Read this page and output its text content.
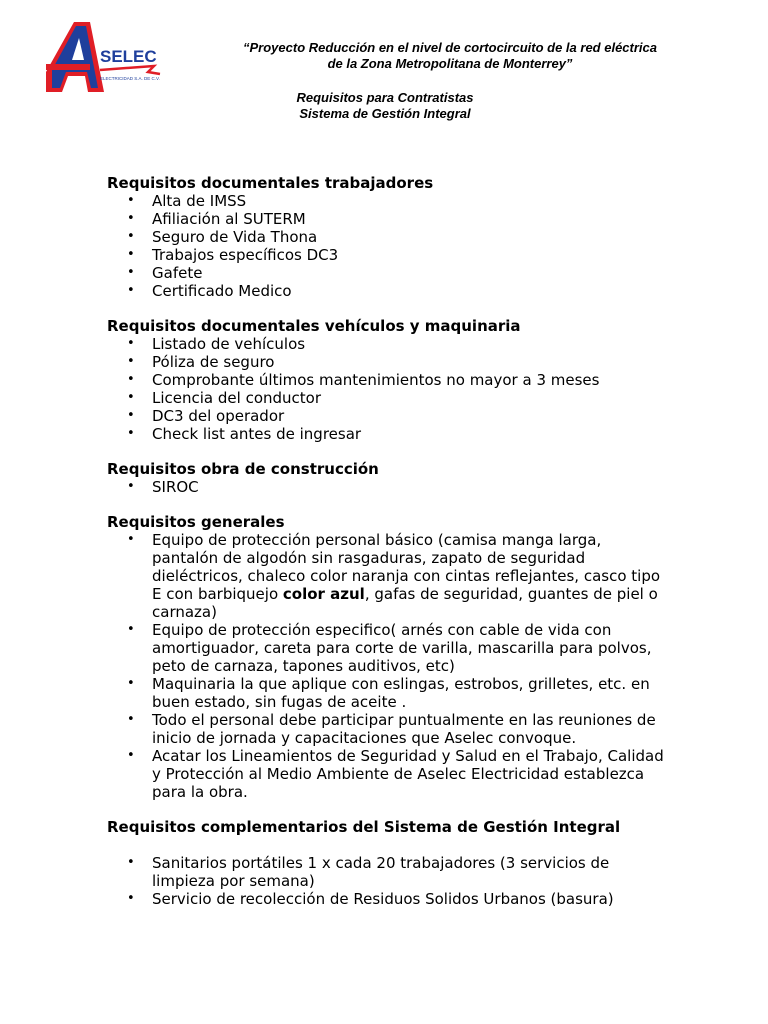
SELEC
ELECTRICIDAD S.A. DE C.V.
“Proyecto Reducción en el nivel de cortocircuito de la red eléctrica
de la Zona Metropolitana de Monterrey”
Requisitos para Contratistas
Sistema de Gestión Integral
Requisitos documentales trabajadores
• Alta de IMSS
• Afiliación al SUTERM
• Seguro de Vida Thona
• Trabajos específicos DC3
• Gafete
• Certificado Medico
Requisitos documentales vehículos y maquinaria
• Listado de vehículos
• Póliza de seguro
• Comprobante últimos mantenimientos no mayor a 3 meses
• Licencia del conductor
• DC3 del operador
• Check list antes de ingresar
Requisitos obra de construcción
• SIROC
Requisitos generales
• Equipo de protección personal básico (camisa manga larga, pantalón de algodón sin rasgaduras, zapato de seguridad dieléctricos, chaleco color naranja con cintas reflejantes, casco tipo E con barbiquejo color azul, gafas de seguridad, guantes de piel o carnaza)
• Equipo de protección especifico( arnés con cable de vida con amortiguador, careta para corte de varilla, mascarilla para polvos, peto de carnaza, tapones auditivos, etc)
• Maquinaria la que aplique con eslingas, estrobos, grilletes, etc. en buen estado, sin fugas de aceite .
• Todo el personal debe participar puntualmente en las reuniones de inicio de jornada y capacitaciones que Aselec convoque.
• Acatar los Lineamientos de Seguridad y Salud en el Trabajo, Calidad y Protección al Medio Ambiente de Aselec Electricidad establezca para la obra.
Requisitos complementarios del Sistema de Gestión Integral
• Sanitarios portátiles 1 x cada 20 trabajadores (3 servicios de limpieza por semana)
• Servicio de recolección de Residuos Solidos Urbanos (basura)
